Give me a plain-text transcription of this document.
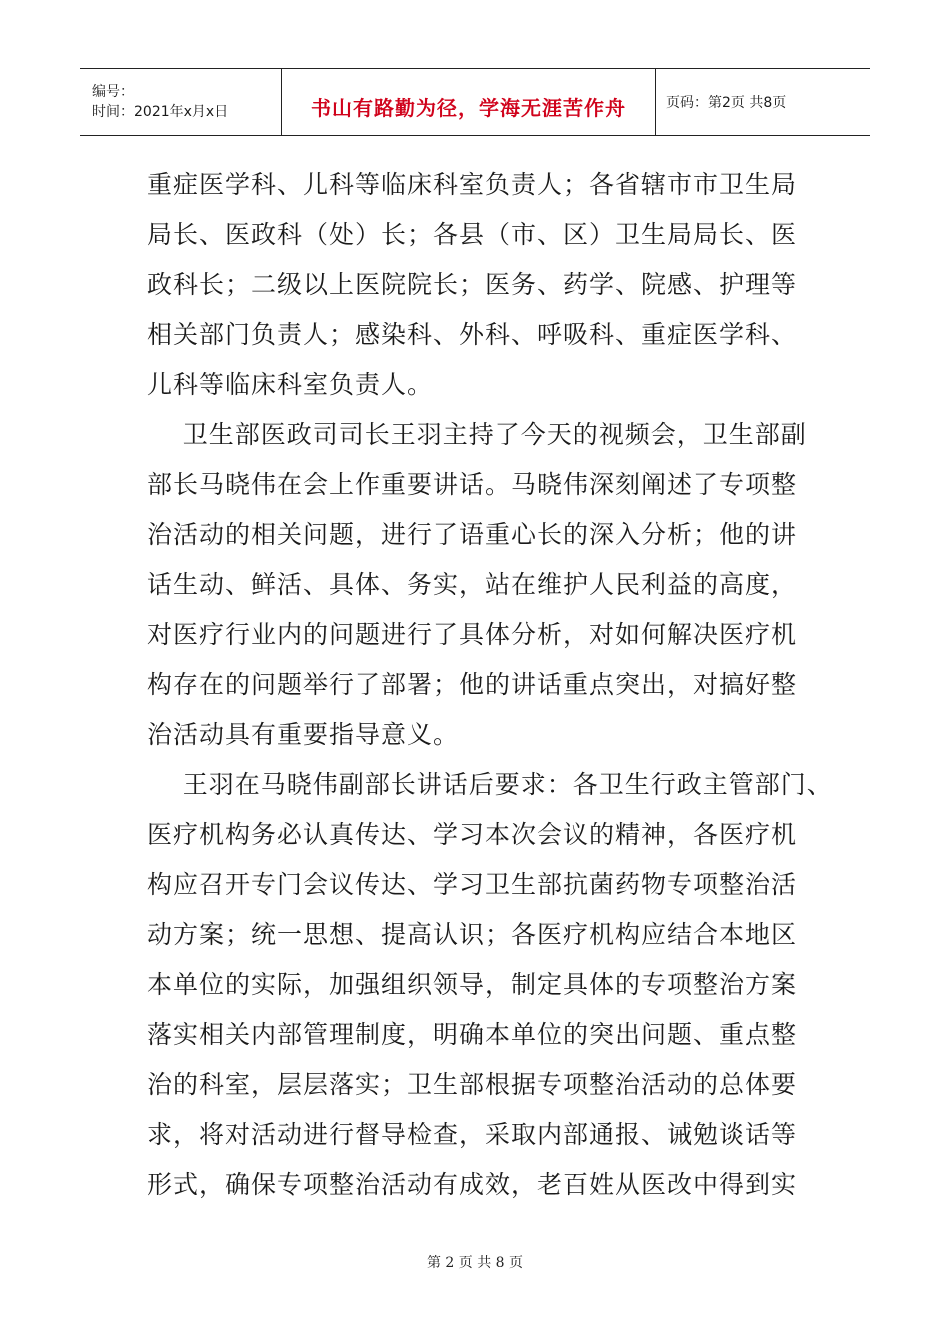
编号：
时间：2021年x月x日	书山有路勤为径，学海无涯苦作舟	页码：第2页 共8页
重症医学科、儿科等临床科室负责人；各省辖市市卫生局
局长、医政科（处）长；各县（市、区）卫生局局长、医
政科长；二级以上医院院长；医务、药学、院感、护理等
相关部门负责人；感染科、外科、呼吸科、重症医学科、
儿科等临床科室负责人。
卫生部医政司司长王羽主持了今天的视频会，卫生部副
部长马晓伟在会上作重要讲话。马晓伟深刻阐述了专项整
治活动的相关问题，进行了语重心长的深入分析；他的讲
话生动、鲜活、具体、务实，站在维护人民利益的高度，
对医疗行业内的问题进行了具体分析，对如何解决医疗机
构存在的问题举行了部署；他的讲话重点突出，对搞好整
治活动具有重要指导意义。
王羽在马晓伟副部长讲话后要求：各卫生行政主管部门、
医疗机构务必认真传达、学习本次会议的精神，各医疗机
构应召开专门会议传达、学习卫生部抗菌药物专项整治活
动方案；统一思想、提高认识；各医疗机构应结合本地区
本单位的实际，加强组织领导，制定具体的专项整治方案
落实相关内部管理制度，明确本单位的突出问题、重点整
治的科室，层层落实；卫生部根据专项整治活动的总体要
求，将对活动进行督导检查，采取内部通报、诫勉谈话等
形式，确保专项整治活动有成效，老百姓从医改中得到实
第 2 页 共 8 页
